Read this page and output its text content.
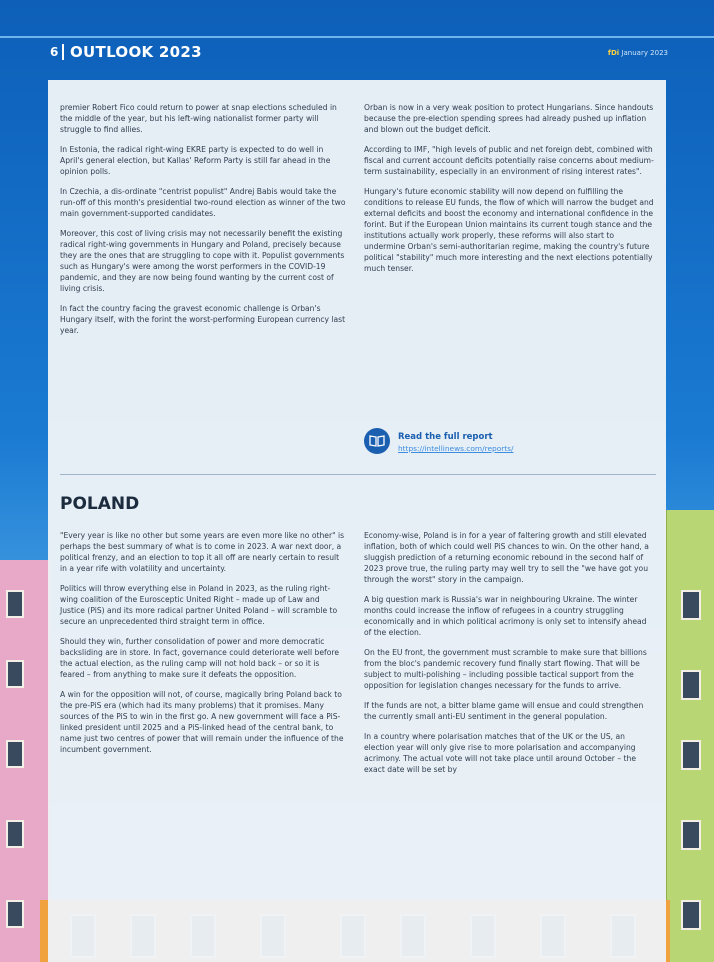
6 OUTLOOK 2023	fDi January 2023

premier Robert Fico could return to power at snap elections scheduled in the middle of the year, but his left-wing nationalist former party will struggle to find allies.

In Estonia, the radical right-wing EKRE party is expected to do well in April's general election, but Kallas' Reform Party is still far ahead in the opinion polls.

In Czechia, a dis-ordinate "centrist populist" Andrej Babis would take the run-off of this month's presidential two-round election as winner of the two main government-supported candidates.

Moreover, this cost of living crisis may not necessarily benefit the existing radical right-wing governments in Hungary and Poland, precisely because they are the ones that are struggling to cope with it. Populist governments such as Hungary's were among the worst performers in the COVID-19 pandemic, and they are now being found wanting by the current cost of living crisis.

In fact the country facing the gravest economic challenge is Orban's Hungary itself, with the forint the worst-performing European currency last year.

Orban is now in a very weak position to protect Hungarians. Since handouts because the pre-election spending sprees had already pushed up inflation and blown out the budget deficit.

According to IMF, "high levels of public and net foreign debt, combined with fiscal and current account deficits potentially raise concerns about medium-term sustainability, especially in an environment of rising interest rates".

Hungary's future economic stability will now depend on fulfilling the conditions to release EU funds, the flow of which will narrow the budget and external deficits and boost the economy and international confidence in the forint. But if the European Union maintains its current tough stance and the institutions actually work properly, these reforms will also start to undermine Orban's semi-authoritarian regime, making the country's future political "stability" much more interesting and the next elections potentially much tenser.

Read the full report
https://intellinews.com/reports/
POLAND

"Every year is like no other but some years are even more like no other" is perhaps the best summary of what is to come in 2023. A war next door, a political frenzy, and an election to top it all off are nearly certain to result in a year rife with volatility and uncertainty.

Politics will throw everything else in Poland in 2023, as the ruling right-wing coalition of the Eurosceptic United Right – made up of Law and Justice (PiS) and its more radical partner United Poland – will scramble to secure an unprecedented third straight term in office.

Should they win, further consolidation of power and more democratic backsliding are in store. In fact, governance could deteriorate well before the actual election, as the ruling camp will not hold back – or so it is feared – from anything to make sure it defeats the opposition.

A win for the opposition will not, of course, magically bring Poland back to the pre-PiS era (which had its many problems) that it promises. Many sources of the PiS to win in the first go. A new government will face a PiS-linked president until 2025 and a PiS-linked head of the central bank, to name just two centres of power that will remain under the influence of the incumbent government.

Economy-wise, Poland is in for a year of faltering growth and still elevated inflation, both of which could well PiS chances to win. On the other hand, a sluggish prediction of a returning economic rebound in the second half of 2023 prove true, the ruling party may well try to sell the "we have got you through the worst" story in the campaign.

A big question mark is Russia's war in neighbouring Ukraine. The winter months could increase the inflow of refugees in a country struggling economically and in which political acrimony is only set to intensify ahead of the election.

On the EU front, the government must scramble to make sure that billions from the bloc's pandemic recovery fund finally start flowing. That will be subject to multi-polishing – including possible tactical support from the opposition for legislation changes necessary for the funds to arrive.

If the funds are not, a bitter blame game will ensue and could strengthen the currently small anti-EU sentiment in the general population.

In a country where polarisation matches that of the UK or the US, an election year will only give rise to more polarisation and accompanying acrimony. The actual vote will not take place until around October – the exact date will be set by
